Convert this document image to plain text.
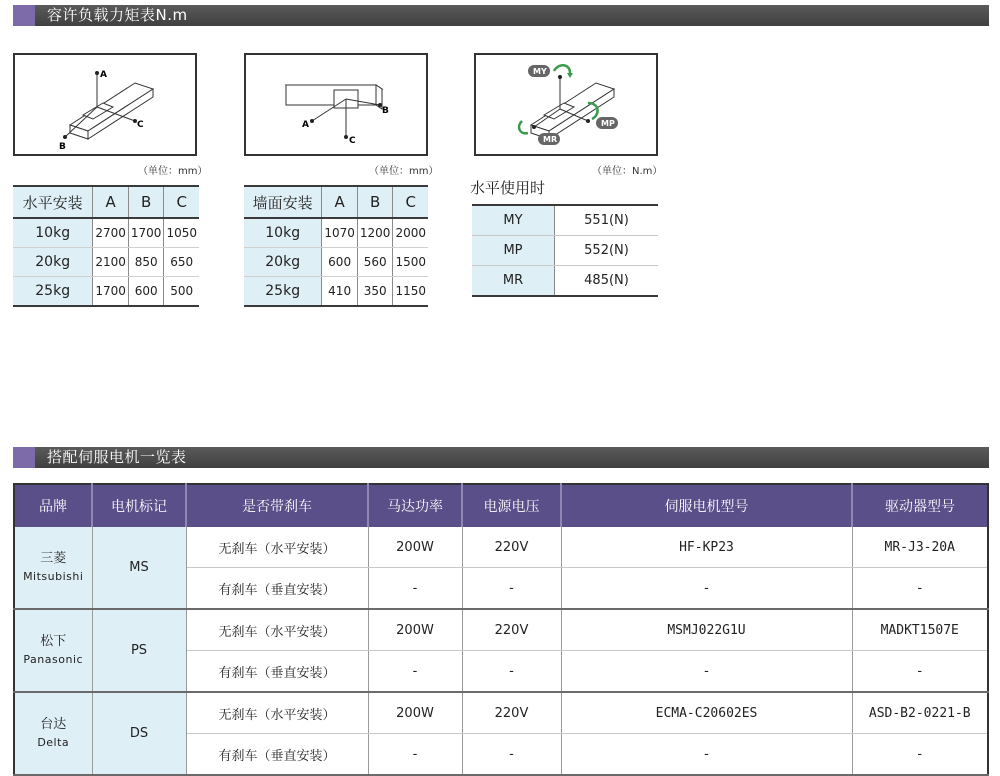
容许负载力矩表N.m
A
C
B
（单位：mm）
C
A
B
（单位：mm）
MY
MP
MR
（单位：N.m）
水平安装	A	B	C
10kg	2700	1700	1050
20kg	2100	850	650
25kg	1700	600	500
墙面安装	A	B	C
10kg	1070	1200	2000
20kg	600	560	1500
25kg	410	350	1150
水平使用时
MY	551(N)
MP	552(N)
MR	485(N)
搭配伺服电机一览表
品牌	电机标记	是否带刹车	马达功率	电源电压	伺服电机型号	驱动器型号

三菱
Mitsubishi	MS	无刹车（水平安装）	200W	220V	HF-KP23	MR-J3-20A
		有刹车（垂直安装）	-	-	-	-

松下
Panasonic	PS	无刹车（水平安装）	200W	220V	MSMJ022G1U	MADKT1507E
		有刹车（垂直安装）	-	-	-	-

台达
Delta	DS	无刹车（水平安装）	200W	220V	ECMA-C20602ES	ASD-B2-0221-B
		有刹车（垂直安装）	-	-	-	-
